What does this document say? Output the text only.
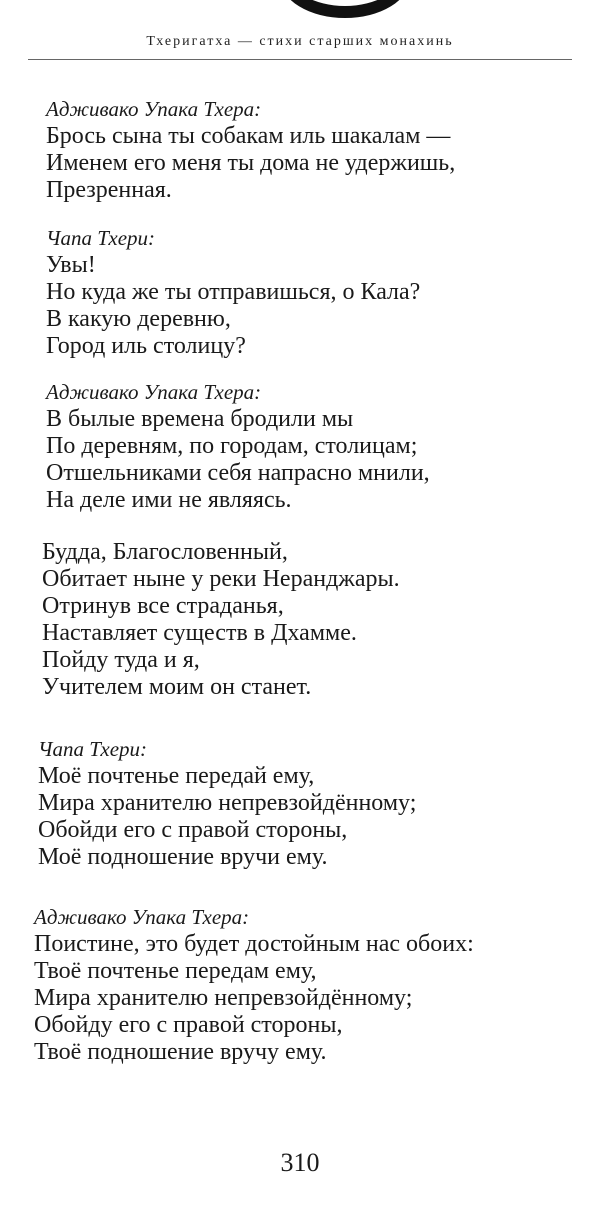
Тхеригатха — стихи старших монахинь
Адживако Упака Тхера:
Брось сына ты собакам иль шакалам —
Именем его меня ты дома не удержишь,
Презренная.
Чапа Тхери:
Увы!
Но куда же ты отправишься, о Кала?
В какую деревню,
Город иль столицу?
Адживако Упака Тхера:
В былые времена бродили мы
По деревням, по городам, столицам;
Отшельниками себя напрасно мнили,
На деле ими не являясь.
Будда, Благословенный,
Обитает ныне у реки Неранджары.
Отринув все страданья,
Наставляет существ в Дхамме.
Пойду туда и я,
Учителем моим он станет.
Чапа Тхери:
Моё почтенье передай ему,
Мира хранителю непревзойдённому;
Обойди его с правой стороны,
Моё подношение вручи ему.
Адживако Упака Тхера:
Поистине, это будет достойным нас обоих:
Твоё почтенье передам ему,
Мира хранителю непревзойдённому;
Обойду его с правой стороны,
Твоё подношение вручу ему.
310
